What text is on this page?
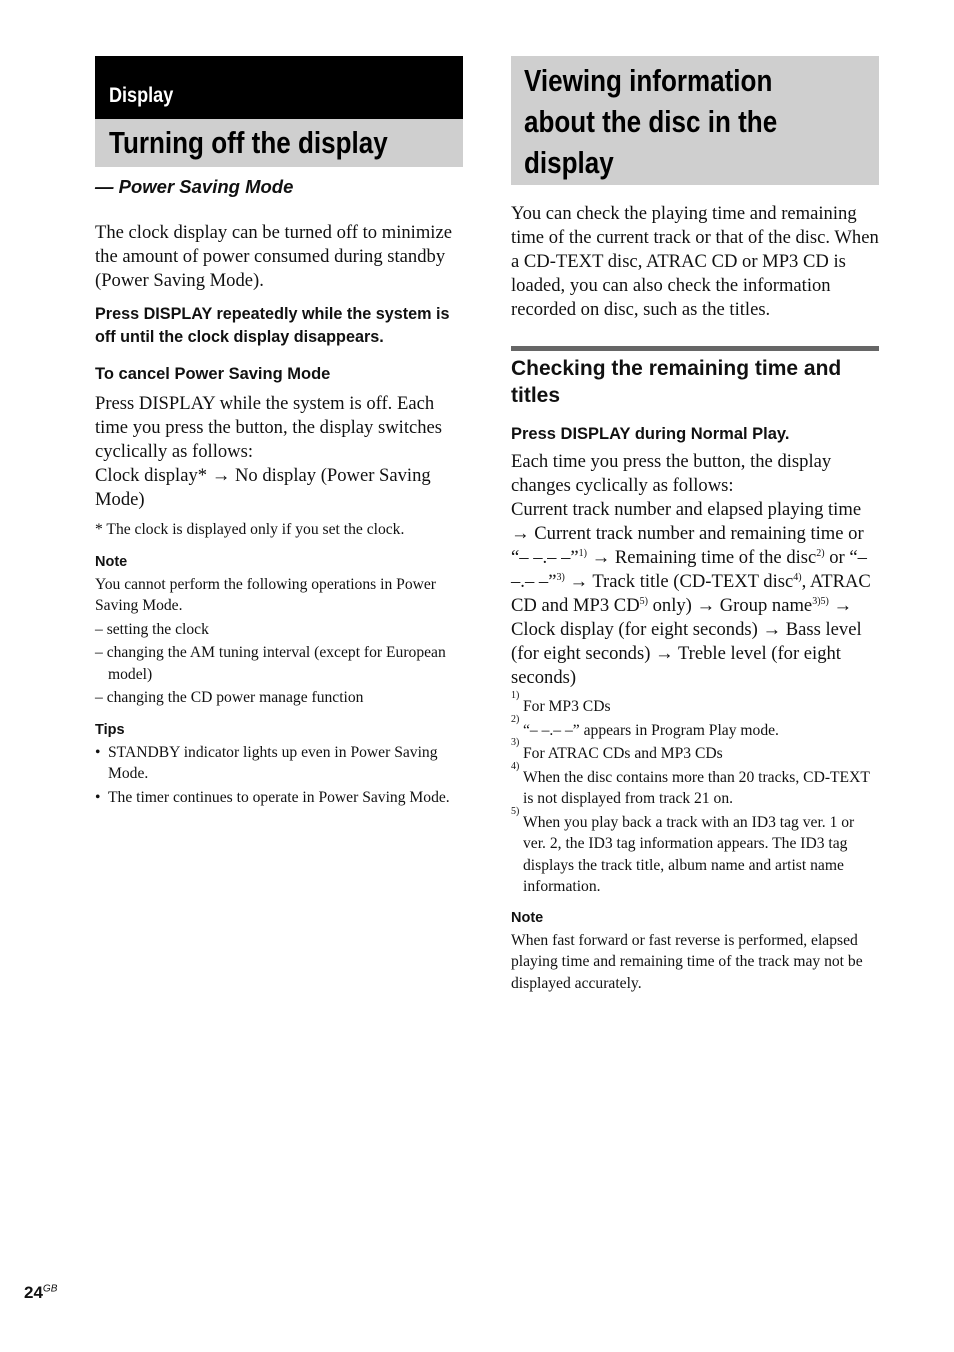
Display
Turning off the display

— Power Saving Mode

The clock display can be turned off to minimize the amount of power consumed during standby (Power Saving Mode).

Press DISPLAY repeatedly while the system is off until the clock display disappears.

To cancel Power Saving Mode

Press DISPLAY while the system is off. Each time you press the button, the display switches cyclically as follows:

Clock display* → No display (Power Saving Mode)

* The clock is displayed only if you set the clock.

Note

You cannot perform the following operations in Power Saving Mode.

– setting the clock

– changing the AM tuning interval (except for European model)

– changing the CD power manage function

Tips

• STANDBY indicator lights up even in Power Saving Mode.
• The timer continues to operate in Power Saving Mode.
Viewing information
about the disc in the
display

You can check the playing time and remaining time of the current track or that of the disc. When a CD-TEXT disc, ATRAC CD or MP3 CD is loaded, you can also check the information recorded on disc, such as the titles.

Checking the remaining time and titles

Press DISPLAY during Normal Play.

Each time you press the button, the display changes cyclically as follows:

Current track number and elapsed playing time → Current track number and remaining time or “– –.– –”$^{1)}$ → Remaining time of the disc$^{2)}$ or “– –.– –”$^{3)}$ → Track title (CD-TEXT disc$^{4)}$, ATRAC CD and MP3 CD$^{5)}$ only) → Group name$^{3)5)}$ → Clock display (for eight seconds) → Bass level (for eight seconds) → Treble level (for eight seconds)

1)
For MP3 CDs
2)
“– –.– –” appears in Program Play mode.
3)
For ATRAC CDs and MP3 CDs
4)
When the disc contains more than 20 tracks, CD-TEXT is not displayed from track 21 on.
5)
When you play back a track with an ID3 tag ver. 1 or ver. 2, the ID3 tag information appears. The ID3 tag displays the track title, album name and artist name information.

Note

When fast forward or fast reverse is performed, elapsed playing time and remaining time of the track may not be displayed accurately.

$24^{GB}$
